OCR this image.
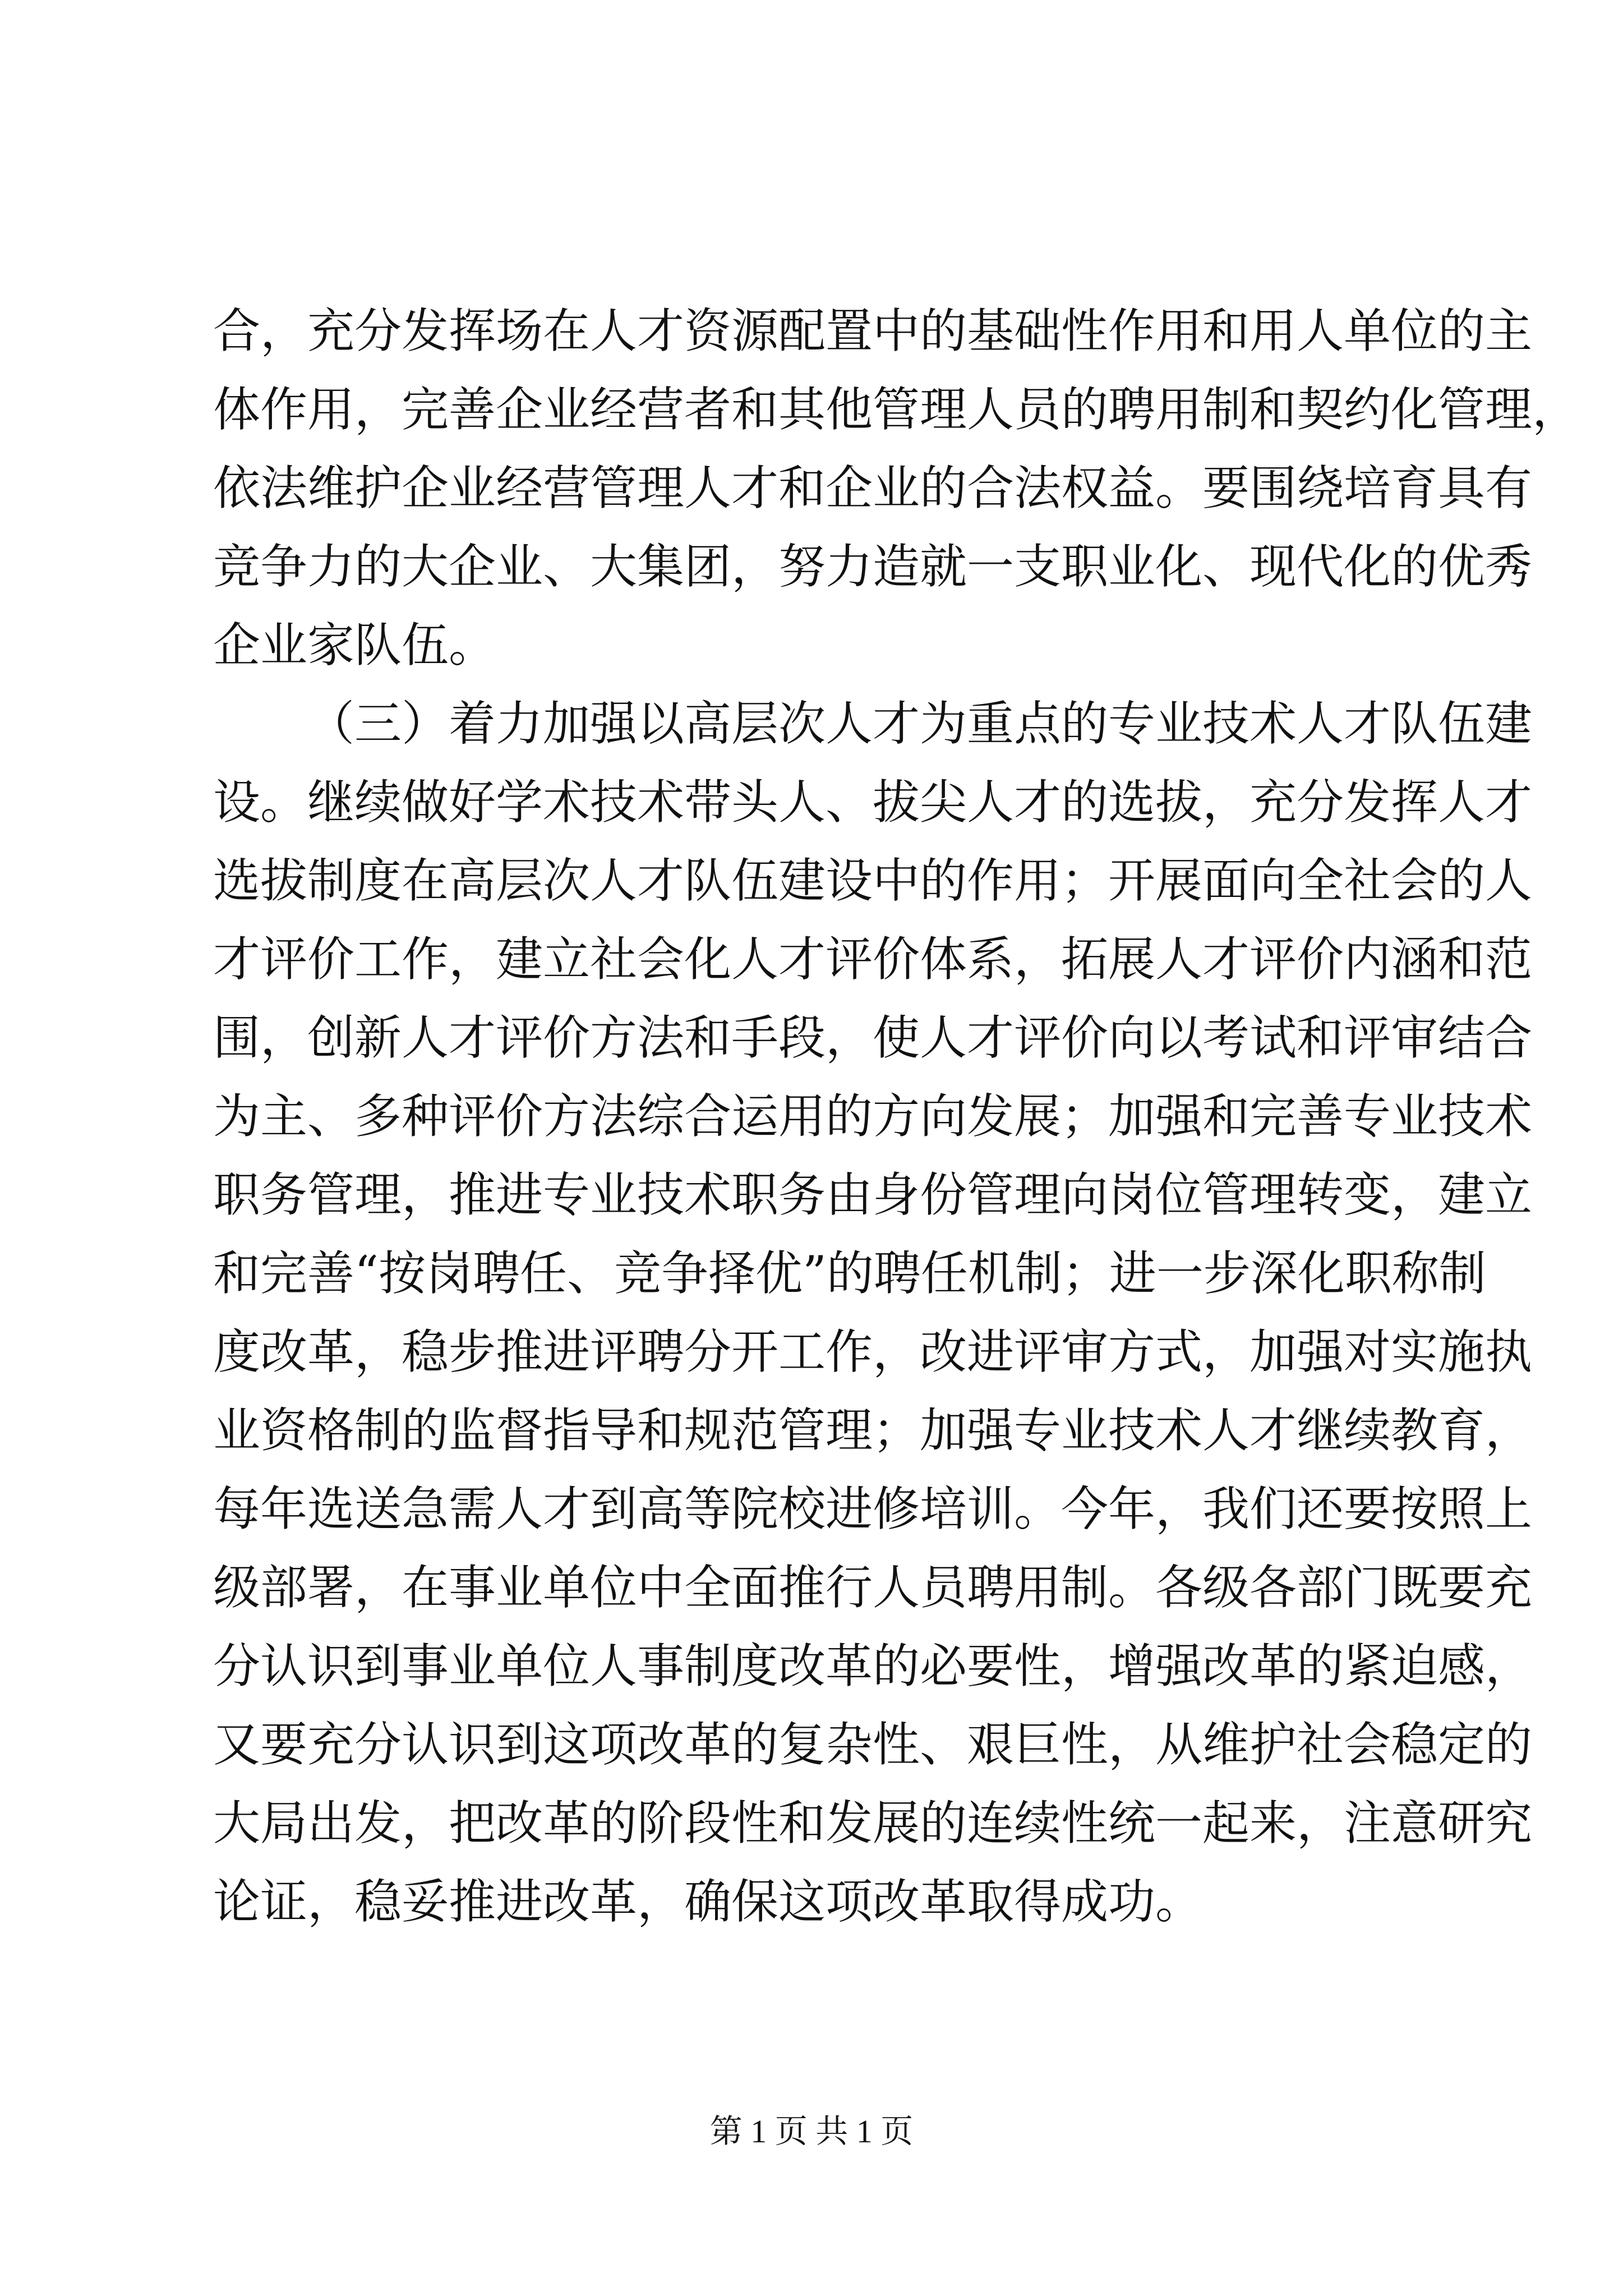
合，充分发挥场在人才资源配置中的基础性作用和用人单位的主
体作用，完善企业经营者和其他管理人员的聘用制和契约化管理，
依法维护企业经营管理人才和企业的合法权益。要围绕培育具有
竞争力的大企业、大集团，努力造就一支职业化、现代化的优秀
企业家队伍。
（三）着力加强以高层次人才为重点的专业技术人才队伍建
设。继续做好学术技术带头人、拔尖人才的选拔，充分发挥人才
选拔制度在高层次人才队伍建设中的作用；开展面向全社会的人
才评价工作，建立社会化人才评价体系，拓展人才评价内涵和范
围，创新人才评价方法和手段，使人才评价向以考试和评审结合
为主、多种评价方法综合运用的方向发展；加强和完善专业技术
职务管理，推进专业技术职务由身份管理向岗位管理转变，建立
和完善“按岗聘任、竞争择优”的聘任机制；进一步深化职称制
度改革，稳步推进评聘分开工作，改进评审方式，加强对实施执
业资格制的监督指导和规范管理；加强专业技术人才继续教育，
每年选送急需人才到高等院校进修培训。今年，我们还要按照上
级部署，在事业单位中全面推行人员聘用制。各级各部门既要充
分认识到事业单位人事制度改革的必要性，增强改革的紧迫感，
又要充分认识到这项改革的复杂性、艰巨性，从维护社会稳定的
大局出发，把改革的阶段性和发展的连续性统一起来，注意研究
论证，稳妥推进改革，确保这项改革取得成功。
第 1 页 共 1 页
